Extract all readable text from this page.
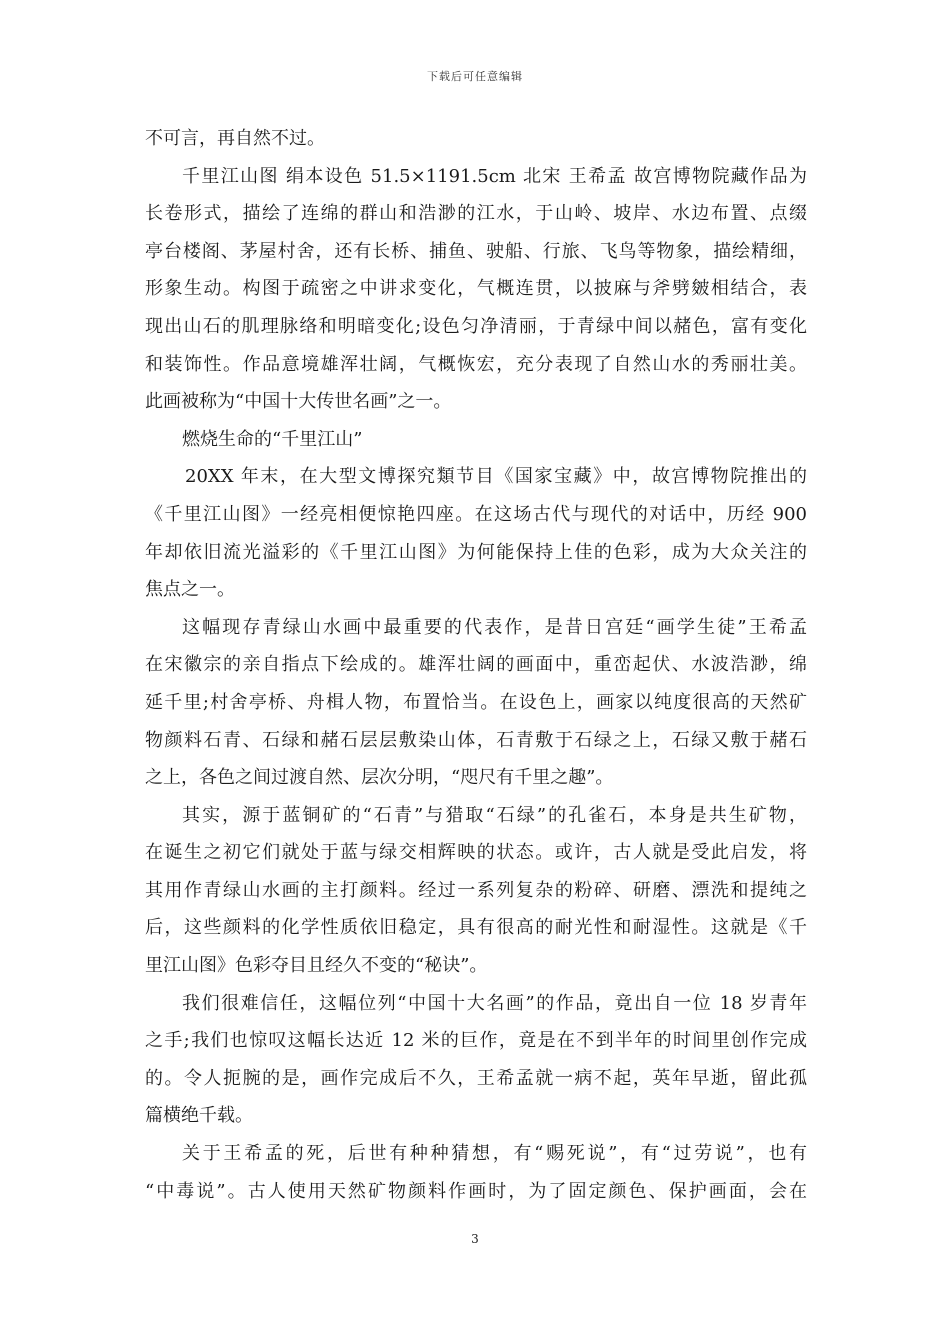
下载后可任意编辑
不可言，再自然不过。
千里江山图 绢本设色 51.5×1191.5cm 北宋 王希孟 故宫博物院藏作品为
长卷形式，描绘了连绵的群山和浩渺的江水，于山岭、坡岸、水边布置、点缀
亭台楼阁、茅屋村舍，还有长桥、捕鱼、驶船、行旅、飞鸟等物象，描绘精细，
形象生动。构图于疏密之中讲求变化，气概连贯，以披麻与斧劈皴相结合，表
现出山石的肌理脉络和明暗变化;设色匀净清丽，于青绿中间以赭色，富有变化
和装饰性。作品意境雄浑壮阔，气概恢宏，充分表现了自然山水的秀丽壮美。
此画被称为“中国十大传世名画”之一。
燃烧生命的“千里江山”
20XX 年末，在大型文博探究類节目《国家宝藏》中，故宫博物院推出的
《千里江山图》一经亮相便惊艳四座。在这场古代与现代的对话中，历经 900
年却依旧流光溢彩的《千里江山图》为何能保持上佳的色彩，成为大众关注的
焦点之一。
这幅现存青绿山水画中最重要的代表作，是昔日宫廷“画学生徒”王希孟
在宋徽宗的亲自指点下绘成的。雄浑壮阔的画面中，重峦起伏、水波浩渺，绵
延千里;村舍亭桥、舟楫人物，布置恰当。在设色上，画家以纯度很高的天然矿
物颜料石青、石绿和赭石层层敷染山体，石青敷于石绿之上，石绿又敷于赭石
之上，各色之间过渡自然、层次分明，“咫尺有千里之趣”。
其实，源于蓝铜矿的“石青”与猎取“石绿”的孔雀石，本身是共生矿物，
在诞生之初它们就处于蓝与绿交相辉映的状态。或许，古人就是受此启发，将
其用作青绿山水画的主打颜料。经过一系列复杂的粉碎、研磨、漂洗和提纯之
后，这些颜料的化学性质依旧稳定，具有很高的耐光性和耐湿性。这就是《千
里江山图》色彩夺目且经久不变的“秘诀”。
我们很难信任，这幅位列“中国十大名画”的作品，竟出自一位 18 岁青年
之手;我们也惊叹这幅长达近 12 米的巨作，竟是在不到半年的时间里创作完成
的。令人扼腕的是，画作完成后不久，王希孟就一病不起，英年早逝，留此孤
篇横绝千载。
关于王希孟的死，后世有种种猜想，有“赐死说”，有“过劳说”，也有
“中毒说”。古人使用天然矿物颜料作画时，为了固定颜色、保护画面，会在
3
